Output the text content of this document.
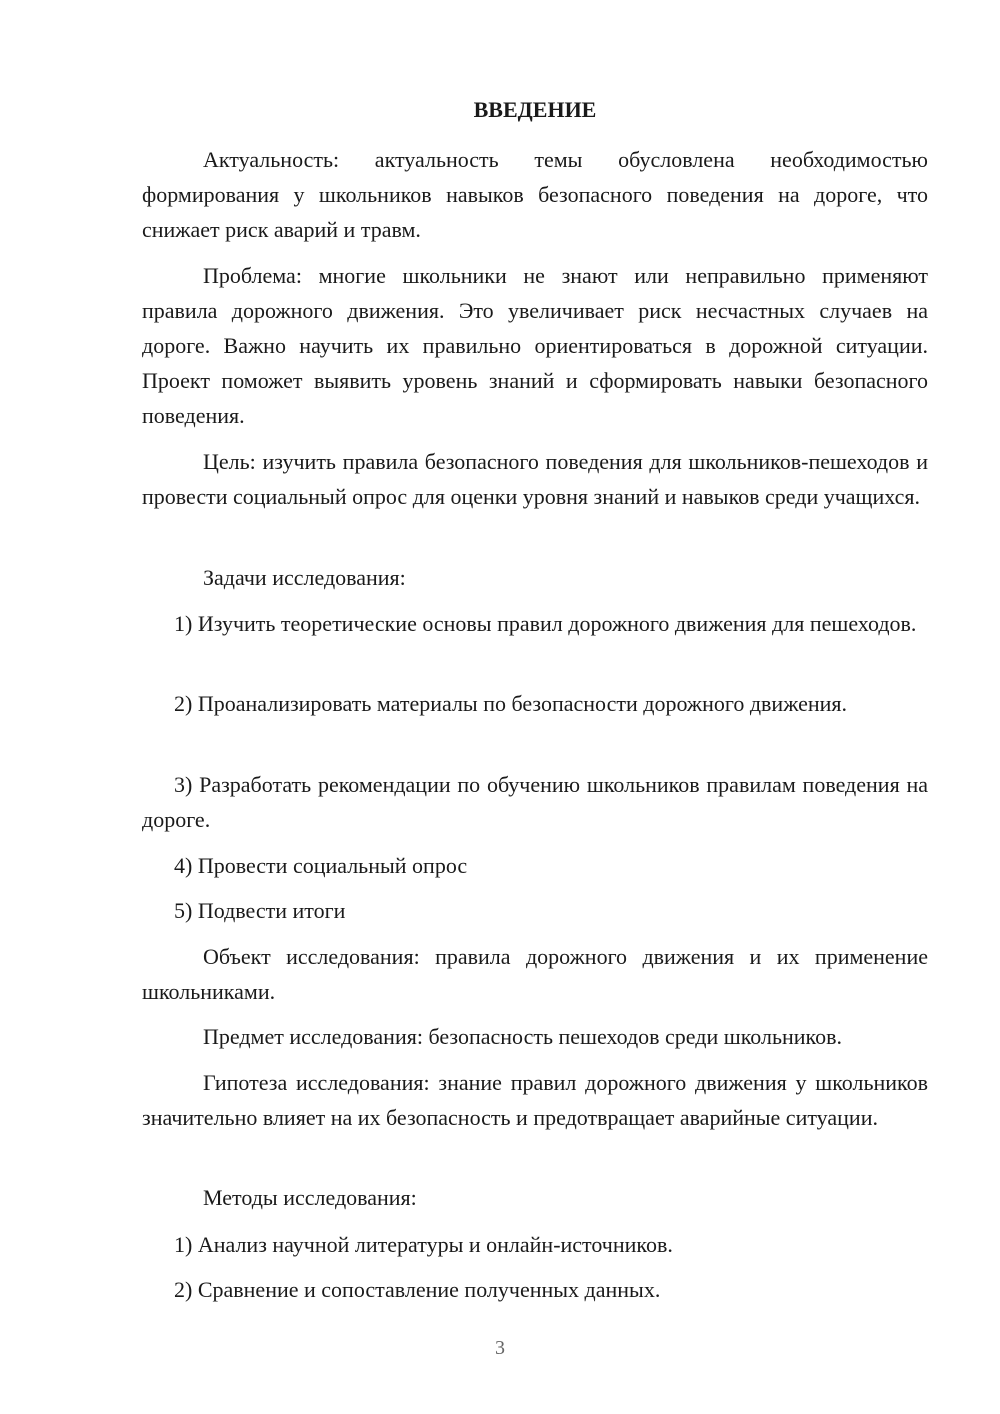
ВВЕДЕНИЕ

Актуальность: актуальность темы обусловлена необходимостью формирования у школьников навыков безопасного поведения на дороге, что снижает риск аварий и травм.

Проблема: многие школьники не знают или неправильно применяют правила дорожного движения. Это увеличивает риск несчастных случаев на дороге. Важно научить их правильно ориентироваться в дорожной ситуации. Проект поможет выявить уровень знаний и сформировать навыки безопасного поведения.

Цель: изучить правила безопасного поведения для школьников-пешеходов и провести социальный опрос для оценки уровня знаний и навыков среди учащихся.

Задачи исследования:

1) Изучить теоретические основы правил дорожного движения для пешеходов.

2) Проанализировать материалы по безопасности дорожного движения.

3) Разработать рекомендации по обучению школьников правилам поведения на дороге.

4) Провести социальный опрос

5) Подвести итоги

Объект исследования: правила дорожного движения и их применение школьниками.

Предмет исследования: безопасность пешеходов среди школьников.

Гипотеза исследования: знание правил дорожного движения у школьников значительно влияет на их безопасность и предотвращает аварийные ситуации.

Методы исследования:

1) Анализ научной литературы и онлайн-источников.

2) Сравнение и сопоставление полученных данных.

3
